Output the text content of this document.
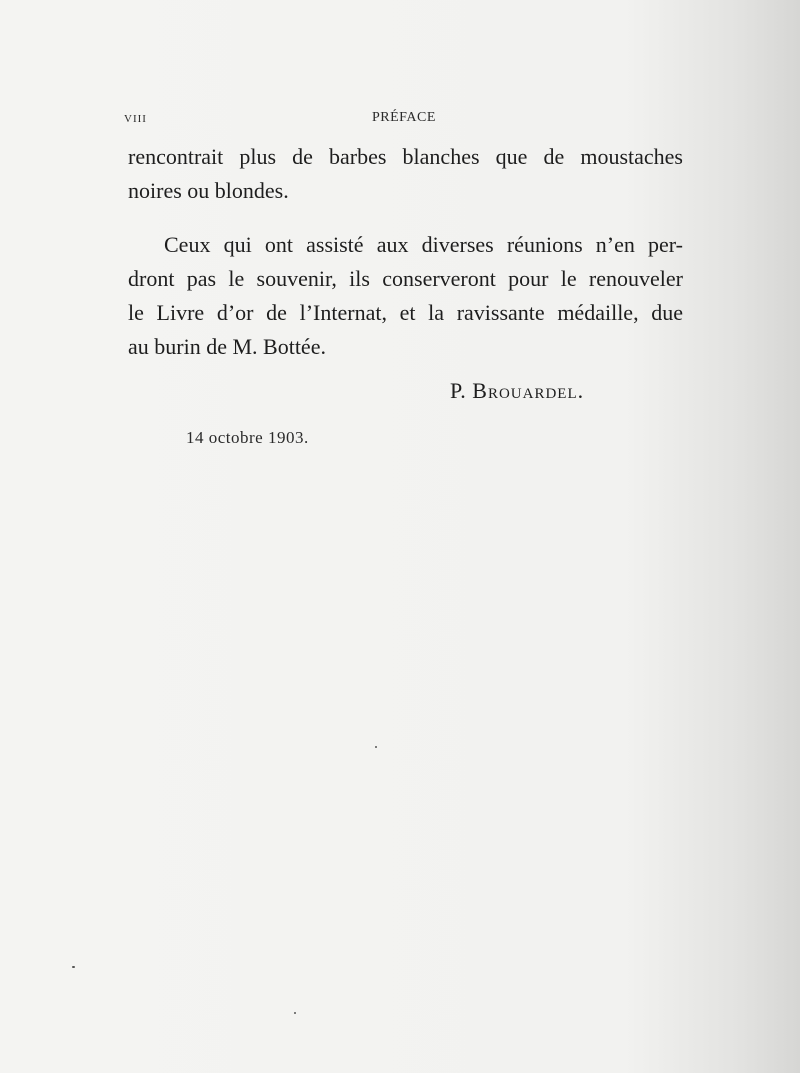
VIII	PRÉFACE
rencontrait plus de barbes blanches que de moustaches
noires ou blondes.
Ceux qui ont assisté aux diverses réunions n’en per-
dront pas le souvenir, ils conserveront pour le renouveler
le Livre d’or de l’Internat, et la ravissante médaille, due
au burin de M. Bottée.
P. Brouardel.
14 octobre 1903.
